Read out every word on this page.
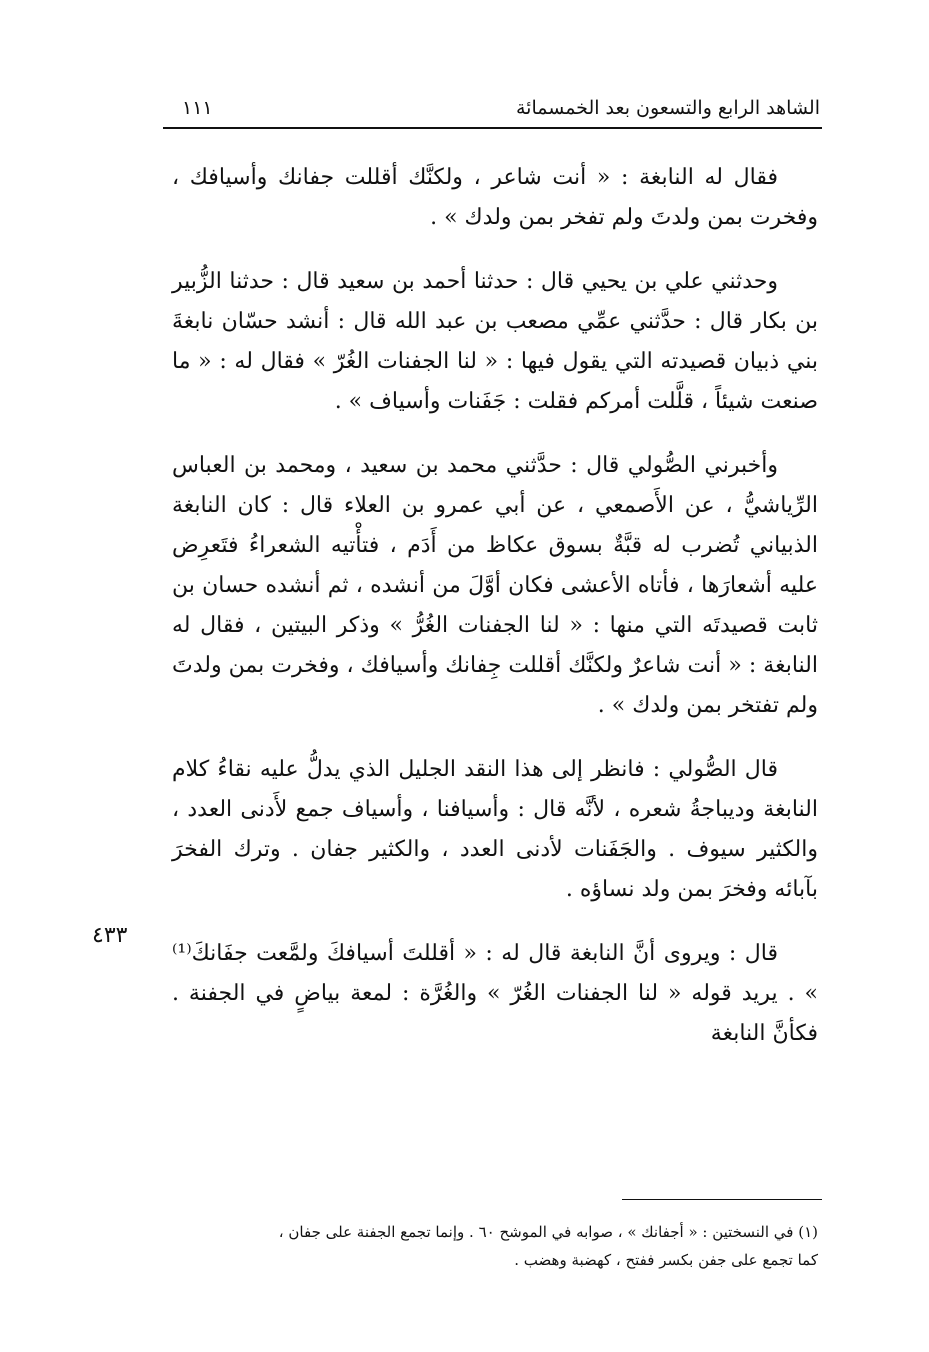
الشاهد الرابع والتسعون بعد الخمسمائة
١١١

فقال له النابغة : « أنت شاعر ، ولكنَّك أقللت جفانك وأسيافك ، وفخرت بمن ولدتَ ولم تفخر بمن ولدك » .

وحدثني علي بن يحيي قال : حدثنا أحمد بن سعيد قال : حدثنا الزُّبير بن بكار قال : حدَّثني عمِّي مصعب بن عبد الله قال : أنشد حسّان نابغةَ بني ذبيان قصيدته التي يقول فيها : « لنا الجفنات الغُرّ » فقال له : « ما صنعت شيئاً ، قلَّلت أمركم فقلت : جَفَنات وأسياف » .

وأخبرني الصُّولي قال : حدَّثني محمد بن سعيد ، ومحمد بن العباس الرِّياشيُّ ، عن الأَصمعي ، عن أبي عمرو بن العلاء قال : كان النابغة الذبياني تُضرب له قبَّةٌ بسوق عكاظ من أَدَم ، فتأْتيه الشعراءُ فتَعرِض عليه أشعارَها ، فأتاه الأعشى فكان أوَّلَ من أنشده ، ثم أنشده حسان بن ثابت قصيدتَه التي منها : « لنا الجفنات الغُرُّ » وذكر البيتين ، فقال له النابغة : « أنت شاعرٌ ولكنَّك أقللت جِفانك وأسيافك ، وفخرت بمن ولدتَ ولم تفتخر بمن ولدك » .

قال الصُّولي : فانظر إلى هذا النقد الجليل الذي يدلُّ عليه نقاءُ كلام النابغة وديباجةُ شعره ، لأنَّه قال : وأسيافنا ، وأسياف جمع لأَدنى العدد ، والكثير سيوف . والجَفَنات لأدنى العدد ، والكثير جفان . وترك الفخرَ بآبائه وفخرَ بمن ولد نساؤه .

قال : ويروى أنَّ النابغة قال له : « أقللتَ أسيافكَ ولمَّعت جفَانكَ⁽¹⁾ » . يريد قوله « لنا الجفنات الغُرّ » والغُرَّة : لمعة بياضٍ في الجفنة . فكأنَّ النابغة

٤٣٣

(١) في النسختين : « أجفانك » ، صوابه في الموشح ٦٠ . وإنما تجمع الجفنة على جفان ،

كما تجمع على جفن بكسر ففتح ، كهضبة وهضب .
